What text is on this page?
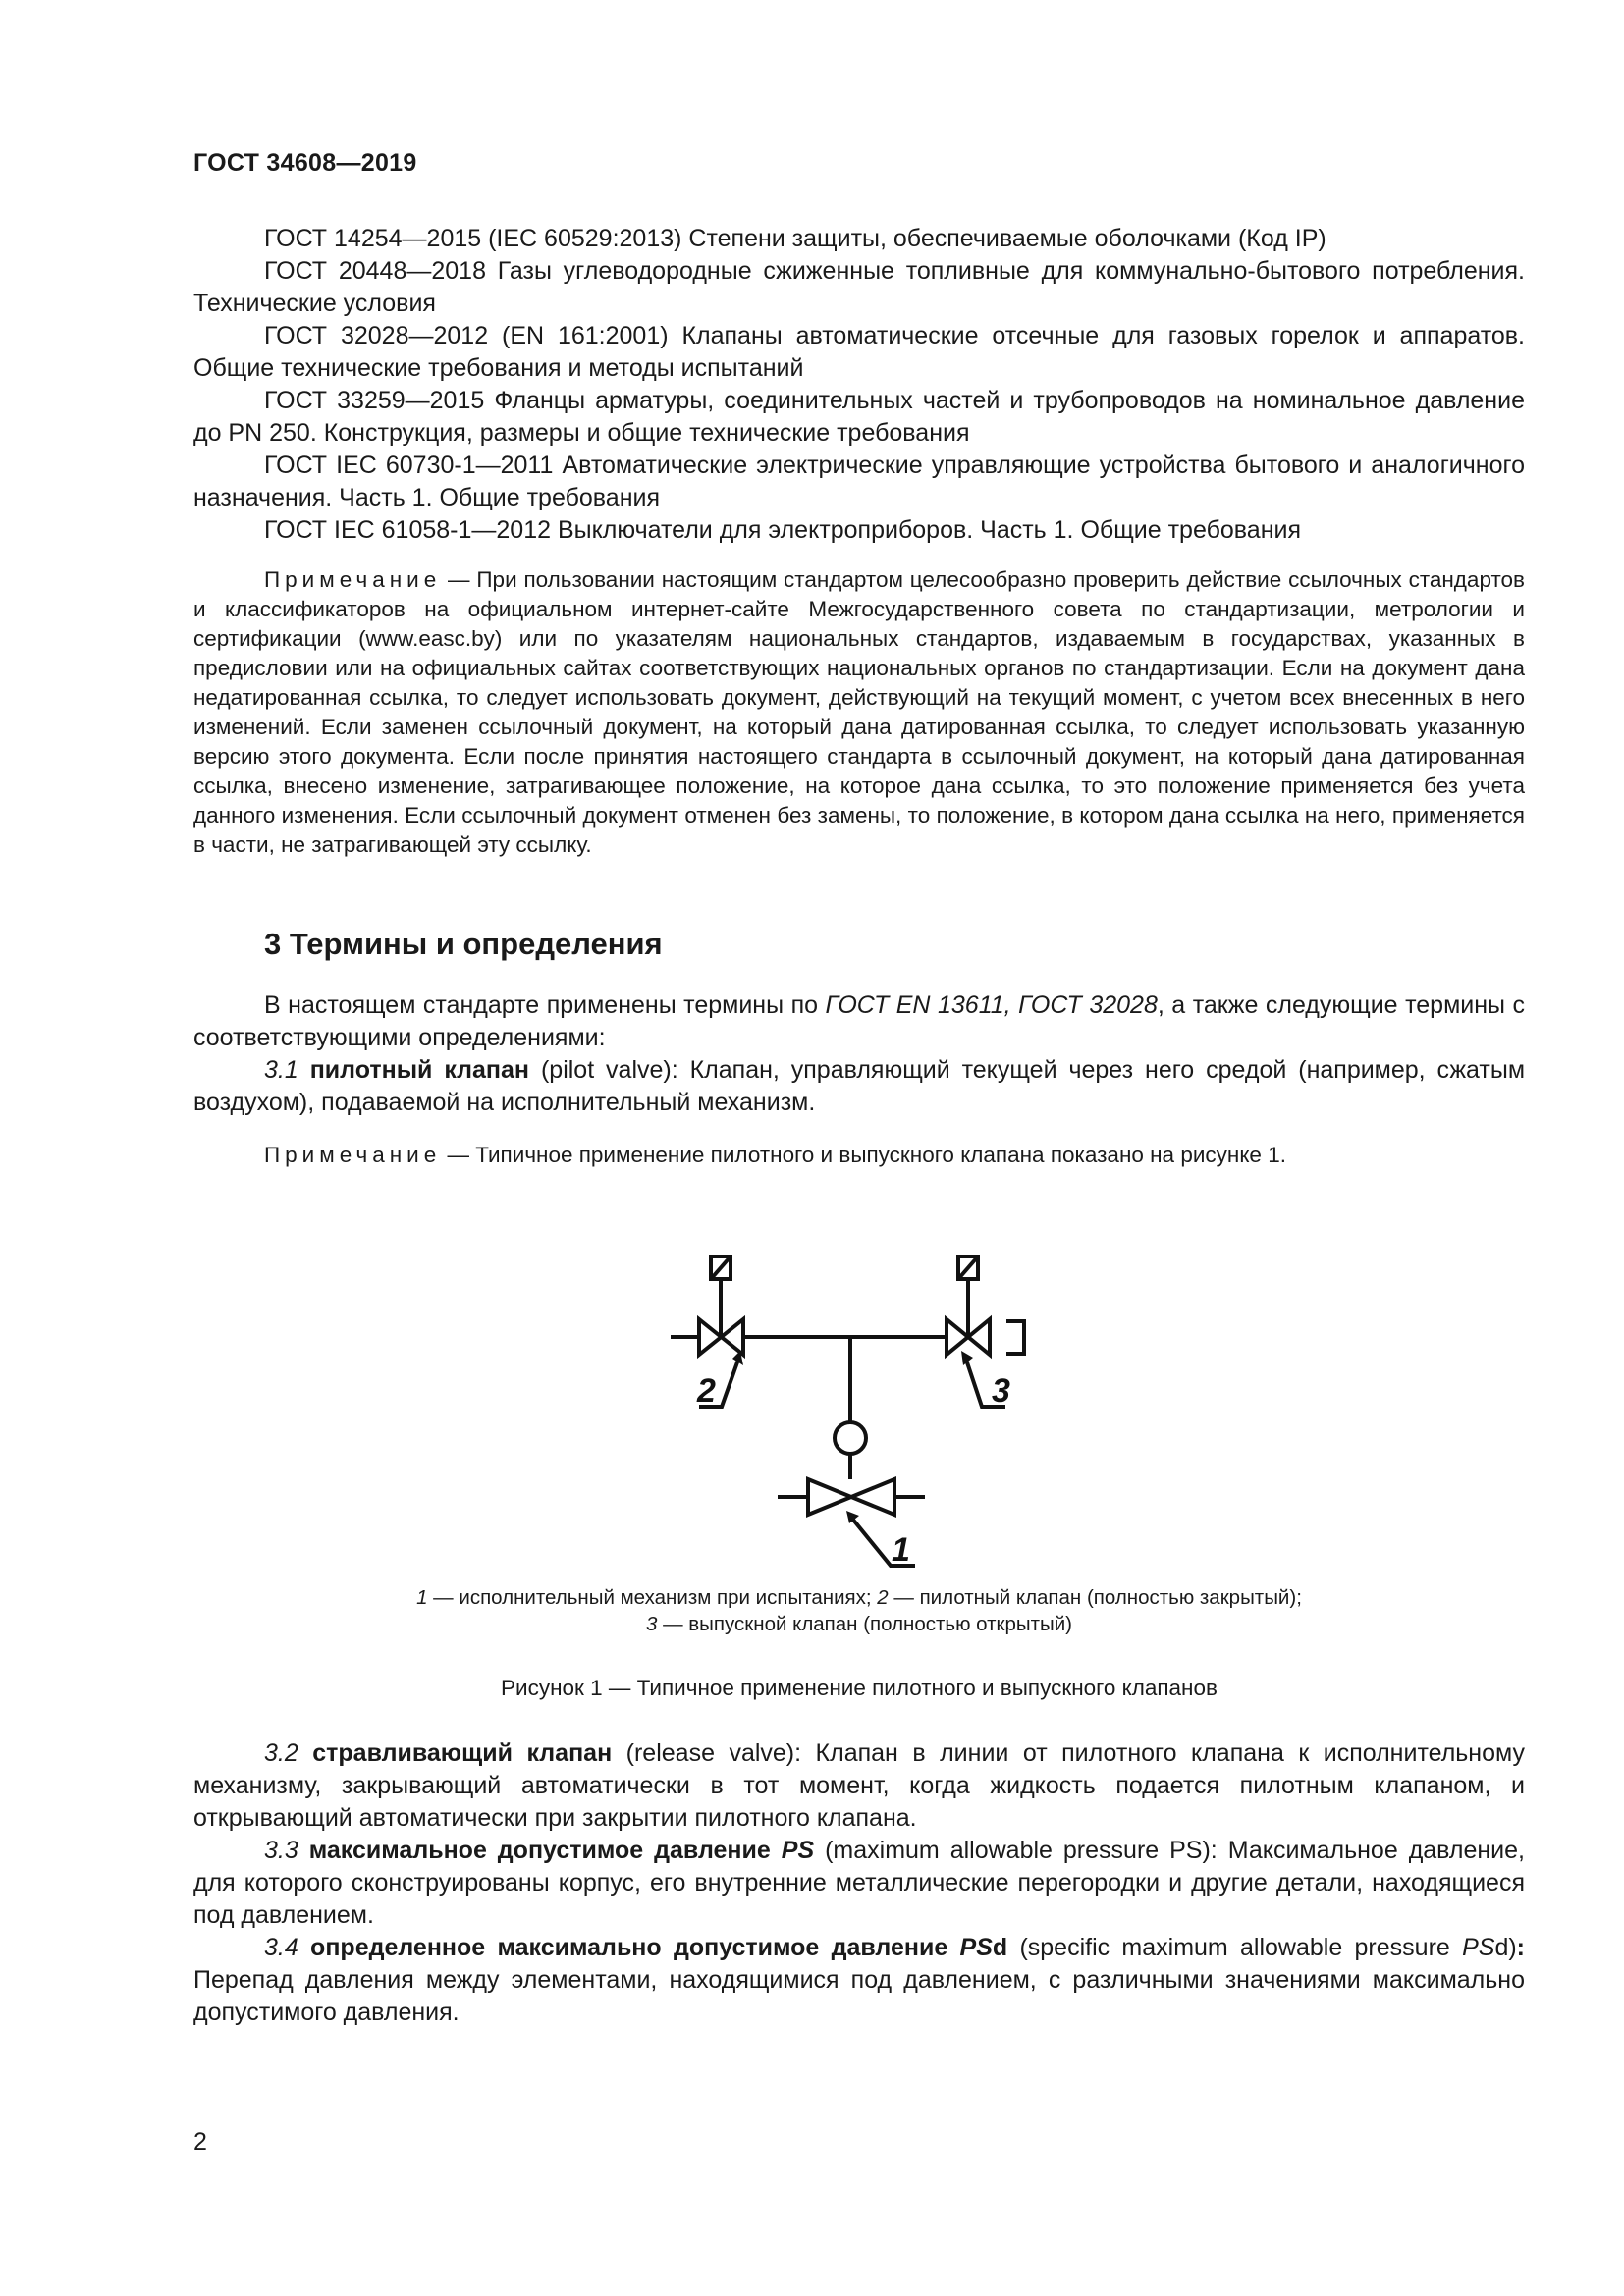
ГОСТ 34608—2019

ГОСТ 14254—2015 (IEC 60529:2013) Степени защиты, обеспечиваемые оболочками (Код IP)

ГОСТ 20448—2018 Газы углеводородные сжиженные топливные для коммунально-бытового потребления. Технические условия

ГОСТ 32028—2012 (EN 161:2001) Клапаны автоматические отсечные для газовых горелок и аппаратов. Общие технические требования и методы испытаний

ГОСТ 33259—2015 Фланцы арматуры, соединительных частей и трубопроводов на номинальное давление до PN 250. Конструкция, размеры и общие технические требования

ГОСТ IEC 60730-1—2011 Автоматические электрические управляющие устройства бытового и аналогичного назначения. Часть 1. Общие требования

ГОСТ IEC 61058-1—2012 Выключатели для электроприборов. Часть 1. Общие требования

Примечание — При пользовании настоящим стандартом целесообразно проверить действие ссылочных стандартов и классификаторов на официальном интернет-сайте Межгосударственного совета по стандартизации, метрологии и сертификации (www.easc.by) или по указателям национальных стандартов, издаваемым в государствах, указанных в предисловии или на официальных сайтах соответствующих национальных органов по стандартизации. Если на документ дана недатированная ссылка, то следует использовать документ, действующий на текущий момент, с учетом всех внесенных в него изменений. Если заменен ссылочный документ, на который дана датированная ссылка, то следует использовать указанную версию этого документа. Если после принятия настоящего стандарта в ссылочный документ, на который дана датированная ссылка, внесено изменение, затрагивающее положение, на которое дана ссылка, то это положение применяется без учета данного изменения. Если ссылочный документ отменен без замены, то положение, в котором дана ссылка на него, применяется в части, не затрагивающей эту ссылку.

3 Термины и определения

В настоящем стандарте применены термины по ГОСТ EN 13611, ГОСТ 32028, а также следующие термины с соответствующими определениями:

3.1 пилотный клапан (pilot valve): Клапан, управляющий текущей через него средой (например, сжатым воздухом), подаваемой на исполнительный механизм.

Примечание — Типичное применение пилотного и выпускного клапана показано на рисунке 1.
2	3
1
1 — исполнительный механизм при испытаниях; 2 — пилотный клапан (полностью закрытый);
3 — выпускной клапан (полностью открытый)
Рисунок 1 — Типичное применение пилотного и выпускного клапанов

3.2 стравливающий клапан (release valve): Клапан в линии от пилотного клапана к исполнительному механизму, закрывающий автоматически в тот момент, когда жидкость подается пилотным клапаном, и открывающий автоматически при закрытии пилотного клапана.

3.3 максимальное допустимое давление PS (maximum allowable pressure PS): Максимальное давление, для которого сконструированы корпус, его внутренние металлические перегородки и другие детали, находящиеся под давлением.

3.4 определенное максимально допустимое давление PSd (specific maximum allowable pressure PSd): Перепад давления между элементами, находящимися под давлением, с различными значениями максимально допустимого давления.

2
